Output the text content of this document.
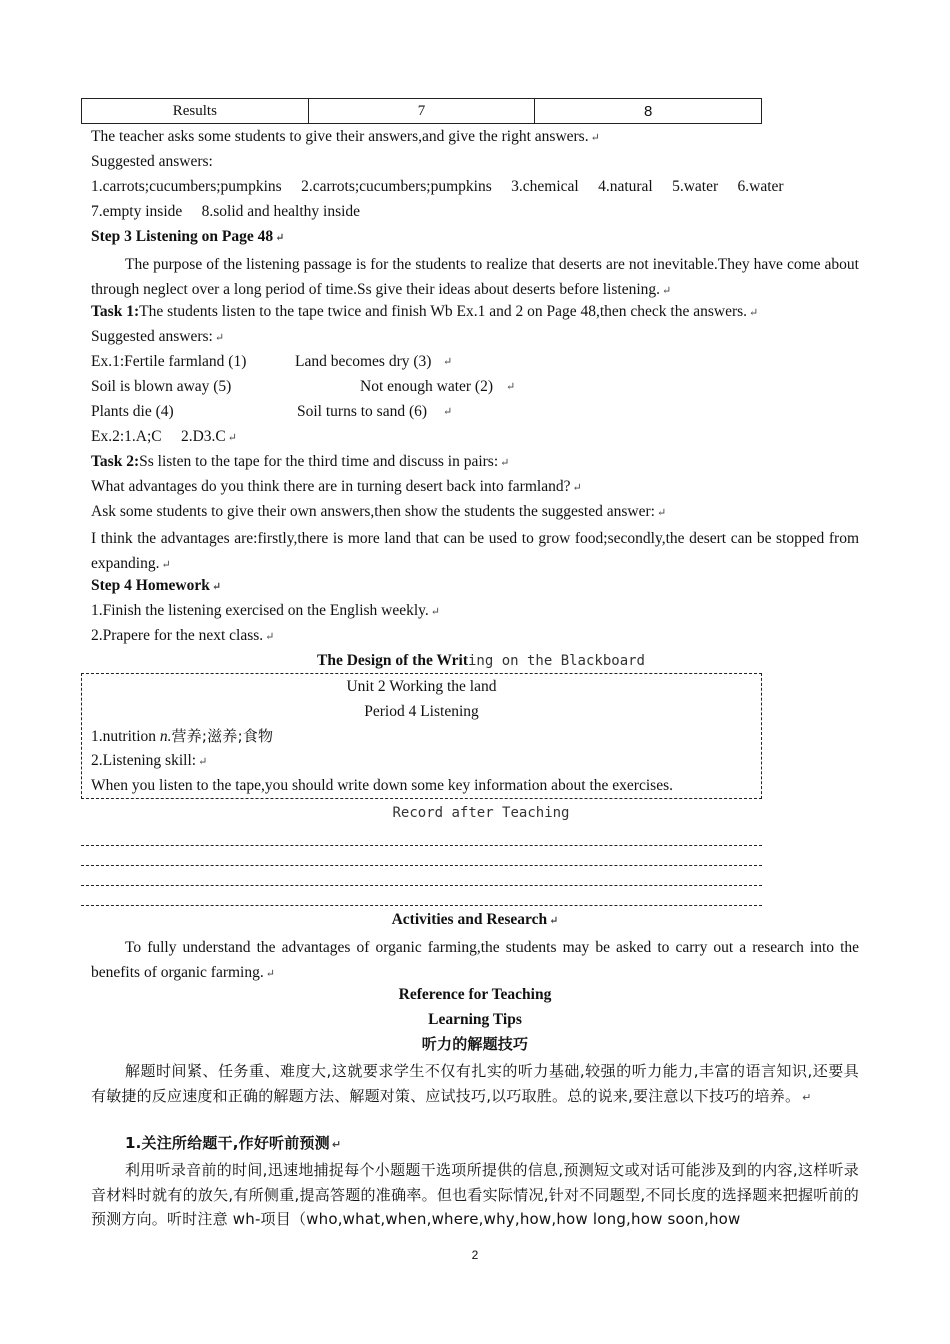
Results	7	8
The teacher asks some students to give their answers,and give the right answers. ↵
Suggested answers:
1.carrots;cucumbers;pumpkins     2.carrots;cucumbers;pumpkins     3.chemical     4.natural     5.water     6.water
7.empty inside     8.solid and healthy inside
Step 3 Listening on Page 48 ↵
The purpose of the listening passage is for the students to realize that deserts are not inevitable.They have come about through neglect over a long period of time.Ss give their ideas about deserts before listening. ↵
Task 1:The students listen to the tape twice and finish Wb Ex.1 and 2 on Page 48,then check the answers. ↵
Suggested answers: ↵
Ex.1:Fertile farmland (1)	Land becomes dry (3) ↵
Soil is blown away (5)	Not enough water (2) ↵
Plants die (4)	Soil turns to sand (6) ↵
Ex.2:1.A;C     2.D3.C ↵
Task 2:Ss listen to the tape for the third time and discuss in pairs: ↵
What advantages do you think there are in turning desert back into farmland? ↵
Ask some students to give their own answers,then show the students the suggested answer: ↵
I think the advantages are:firstly,there is more land that can be used to grow food;secondly,the desert can be stopped from expanding. ↵
Step 4 Homework ↵
1.Finish the listening exercised on the English weekly. ↵
2.Prapere for the next class. ↵
The Design of the Writing on the Blackboard
Unit 2 Working the land
Period 4 Listening
1.nutrition n.营养;滋养;食物
2.Listening skill: ↵
When you listen to the tape,you should write down some key information about the exercises.
Record after Teaching
Activities and Research ↵
To fully understand the advantages of organic farming,the students may be asked to carry out a research into the benefits of organic farming. ↵
Reference for Teaching
Learning Tips
听力的解题技巧
解题时间紧、任务重、难度大,这就要求学生不仅有扎实的听力基础,较强的听力能力,丰富的语言知识,还要具有敏捷的反应速度和正确的解题方法、解题对策、应试技巧,以巧取胜。总的说来,要注意以下技巧的培养。 ↵
1.关注所给题干,作好听前预测 ↵
利用听录音前的时间,迅速地捕捉每个小题题干选项所提供的信息,预测短文或对话可能涉及到的内容,这样听录音材料时就有的放矢,有所侧重,提高答题的准确率。但也看实际情况,针对不同题型,不同长度的选择题来把握听前的预测方向。听时注意 wh-项目（who,what,when,where,why,how,how long,how soon,how
2
